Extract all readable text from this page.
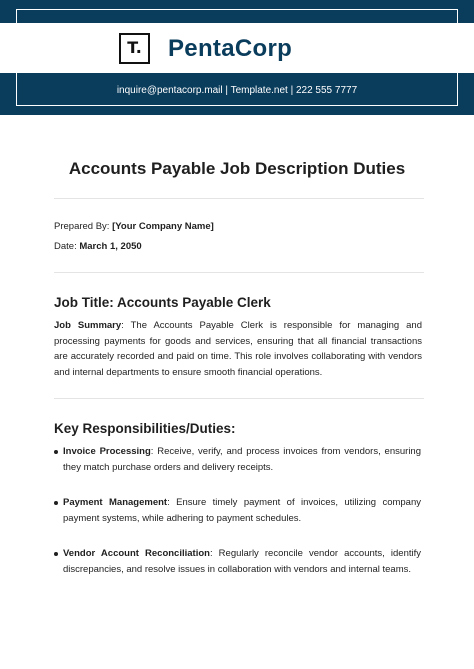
T.	PentaCorp
inquire@pentacorp.mail | Template.net | 222 555 7777
Accounts Payable Job Description Duties
Prepared By: [Your Company Name]
Date: March 1, 2050
Job Title: Accounts Payable Clerk
Job Summary: The Accounts Payable Clerk is responsible for managing and processing payments for goods and services, ensuring that all financial transactions are accurately recorded and paid on time. This role involves collaborating with vendors and internal departments to ensure smooth financial operations.
Key Responsibilities/Duties:
Invoice Processing: Receive, verify, and process invoices from vendors, ensuring they match purchase orders and delivery receipts.
Payment Management: Ensure timely payment of invoices, utilizing company payment systems, while adhering to payment schedules.
Vendor Account Reconciliation: Regularly reconcile vendor accounts, identify discrepancies, and resolve issues in collaboration with vendors and internal teams.
